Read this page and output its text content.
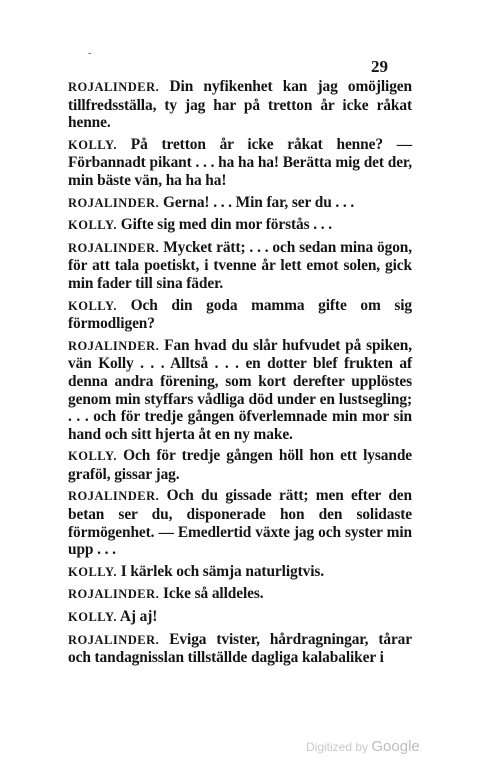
29
‐

ROJALINDER. Din nyfikenhet kan jag omöjligen tillfredsställa, ty jag har på tretton år icke råkat henne.

KOLLY. På tretton år icke råkat henne? — Förbannadt pikant . . . ha ha ha! Berätta mig det der, min bäste vän, ha ha ha!

ROJALINDER. Gerna! . . . Min far, ser du . . .

KOLLY. Gifte sig med din mor förstås . . .

ROJALINDER. Mycket rätt; . . . och sedan mina ögon, för att tala poetiskt, i tvenne år lett emot solen, gick min fader till sina fäder.

KOLLY. Och din goda mamma gifte om sig förmodligen?

ROJALINDER. Fan hvad du slår hufvudet på spiken, vän Kolly . . . Alltså . . . en dotter blef frukten af denna andra förening, som kort derefter upplöstes genom min styffars vådliga död under en lustsegling; . . . och för tredje gången öfverlemnade min mor sin hand och sitt hjerta åt en ny make.

KOLLY. Och för tredje gången höll hon ett lysande graföl, gissar jag.

ROJALINDER. Och du gissade rätt; men efter den betan ser du, disponerade hon den solidaste förmögenhet. — Emedlertid växte jag och syster min upp . . .

KOLLY. I kärlek och sämja naturligtvis.

ROJALINDER. Icke så alldeles.

KOLLY. Aj aj!

ROJALINDER. Eviga tvister, hårdragningar, tårar och tandagnisslan tillställde dagliga kalabaliker i

Digitized by Google
